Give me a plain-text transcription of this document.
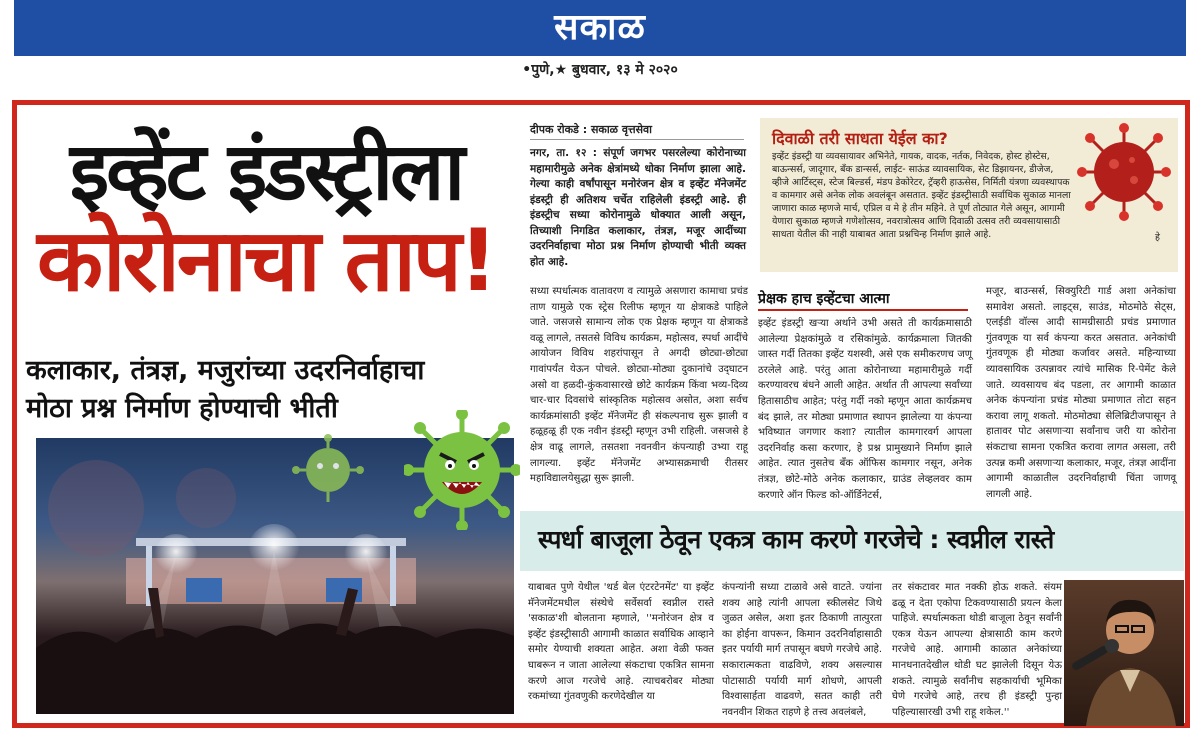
सकाळ
•पुणे,★ बुधवार, १३ मे २०२०
इव्हेंट इंडस्ट्रीला
कोरोनाचा ताप!
कलाकार, तंत्रज्ञ, मजुरांच्या उदरनिर्वाहाचा
मोठा प्रश्न निर्माण होण्याची भीती
दीपक रोकडे : सकाळ वृत्तसेवा
नगर, ता. १२ : संपूर्ण जगभर पसरलेल्या कोरोनाच्या महामारीमुळे अनेक क्षेत्रांमध्ये धोका निर्माण झाला आहे. गेल्या काही वर्षांपासून मनोरंजन क्षेत्र व इव्हेंट मॅनेजमेंट इंडस्ट्री ही अतिशय चर्चेत राहिलेली इंडस्ट्री आहे. ही इंडस्ट्रीच सध्या कोरोनामुळे धोक्यात आली असून, तिच्याशी निगडित कलाकार, तंत्रज्ञ, मजूर आदींच्या उदरनिर्वाहाचा मोठा प्रश्न निर्माण होण्याची भीती व्यक्त होत आहे.
सध्या स्पर्धात्मक वातावरण व त्यामुळे असणारा कामाचा प्रचंड ताण यामुळे एक स्ट्रेस रिलीफ म्हणून या क्षेत्राकडे पाहिले जाते. जसजसे सामान्य लोक एक प्रेक्षक म्हणून या क्षेत्राकडे वळू लागले, तसतसे विविध कार्यक्रम, महोत्सव, स्पर्धा आदींचे आयोजन विविध शहरांपासून ते अगदी छोट्या-छोट्या गावांपर्यंत येऊन पोचले. छोट्या-मोठ्या दुकानांचे उद्‌घाटन असो वा हळदी-कुंकवासारखे छोटे कार्यक्रम किंवा भव्य-दिव्य चार-चार दिवसांचे सांस्कृतिक महोत्सव असोत, अशा सर्वच कार्यक्रमांसाठी इव्हेंट मॅनेजमेंट ही संकल्पनाच सुरू झाली व हळूहळू ही एक नवीन इंडस्ट्री म्हणून उभी राहिली. जसजसे हे क्षेत्र वाढू लागले, तसतशा नवनवीन कंपन्याही उभ्या राहू लागल्या. इव्हेंट मॅनेजमेंट अभ्यासक्रमाची रीतसर महाविद्यालयेसुद्धा सुरू झाली.
प्रेक्षक हाच इव्हेंटचा आत्मा
इव्हेंट इंडस्ट्री खऱ्या अर्थाने उभी असते ती कार्यक्रमासाठी आलेल्या प्रेक्षकांमुळे व रसिकांमुळे. कार्यक्रमाला जितकी जास्त गर्दी तितका इव्हेंट यशस्वी, असे एक समीकरणच जणू ठरलेले आहे. परंतु आता कोरोनाच्या महामारीमुळे गर्दी करण्यावरच बंधने आली आहेत. अर्थात ती आपल्या सर्वांच्या हितासाठीच आहेत; परंतु गर्दी नको म्हणून आता कार्यक्रमच बंद झाले, तर मोठ्या प्रमाणात स्थापन झालेल्या या कंपन्या भविष्यात जगणार कशा? त्यातील कामगारवर्ग आपला उदरनिर्वाह कसा करणार, हे प्रश्न प्रामुख्याने निर्माण झाले आहेत. त्यात नुसतेच बॅंक ऑफिस कामगार नसून, अनेक तंत्रज्ञ, छोटे-मोठे अनेक कलाकार, ग्राउंड लेव्हलवर काम करणारे ऑन फिल्ड को-ऑर्डिनेटर्स,
मजूर, बाउन्सर्स, सिक्युरिटी गार्ड अशा अनेकांचा समावेश असतो. लाइट्स, साउंड, मोठमोठे सेट्स, एलईडी वॉल्स आदी सामग्रीसाठी प्रचंड प्रमाणात गुंतवणूक या सर्व कंपन्या करत असतात. अनेकांची गुंतवणूक ही मोठ्या कर्जावर असते. महिन्याच्या व्यावसायिक उत्पन्नावर त्यांचे मासिक रि-पेमेंट केले जाते. व्यवसायच बंद पडला, तर आगामी काळात अनेक कंपन्यांना प्रचंड मोठ्या प्रमाणात तोटा सहन करावा लागू शकतो. मोठमोठ्या सेलिब्रिटीजपासून ते हातावर पोट असणाऱ्या सर्वांनाच जरी या कोरोना संकटाचा सामना एकत्रित करावा लागत असला, तरी उत्पन्न कमी असणाऱ्या कलाकार, मजूर, तंत्रज्ञ आदींना आगामी काळातील उदरनिर्वाहाची चिंता जाणवू लागली आहे.
दिवाळी तरी साधता येईल का?
इव्हेंट इंडस्ट्री या व्यवसायावर अभिनेते, गायक, वादक, नर्तक, निवेदक, होस्ट होस्टेस, बाऊन्सर्स, जादूगार, बॅंक डान्सर्स, लाईट- साऊंड व्यावसायिक, सेट डिझायनर, डीजेज, व्हीजे आर्टिस्ट्स, स्टेज बिल्डर्स, मंडप डेकोरेटर, ट्रॅव्हरी हाऊसेस, निर्मिती यंत्रणा व्यवस्थापक व कामगार असे अनेक लोक अवलंबून असतात. इव्हेंट इंडस्ट्रीसाठी सर्वाधिक सुकाळ मानला जाणारा काळ म्हणजे मार्च, एप्रिल व मे हे तीन महिने. ते पूर्ण तोट्यात गेले असून, आगामी येणारा सुकाळ म्हणजे गणेशोत्सव, नवरात्रोत्सव आणि दिवाळी उत्सव तरी व्यवसायासाठी साधता येतील की नाही याबाबत आता प्रश्नचिन्ह निर्माण झाले आहे.	हे
स्पर्धा बाजूला ठेवून एकत्र काम करणे गरजेचे : स्वप्नील रास्ते
याबाबत पुणे येथील 'थर्ड बेल एंटरटेनमेंट' या इव्हेंट मॅनेजमेंटमधील संस्थेचे सर्वेसर्वा स्वप्नील रास्ते 'सकाळ'शी बोलताना म्हणाले, ''मनोरंजन क्षेत्र व इव्हेंट इंडस्ट्रीसाठी आगामी काळात सर्वाधिक आव्हाने समोर येण्याची शक्यता आहेत. अशा वेळी फक्त घाबरून न जाता आलेल्या संकटाचा एकत्रित सामना करणे आज गरजेचे आहे. त्याचबरोबर मोठ्या रकमांच्या गुंतवणुकी करणेदेखील या
कंपन्यांनी सध्या टाळावे असे वाटते. ज्यांना शक्य आहे त्यांनी आपला स्कीलसेट जिथे जुळत असेल, अशा इतर ठिकाणी तात्पुरता का होईना वापरून, किमान उदरनिर्वाहासाठी इतर पर्यायी मार्ग तपासून बघणे गरजेचे आहे. सकारात्मकता वाढविणे, शक्य असल्यास पोटासाठी पर्यायी मार्ग शोधणे, आपली विश्वासार्हता वाढवणे, सतत काही तरी नवनवीन शिकत राहणे हे तत्त्व अवलंबले,
तर संकटावर मात नक्की होऊ शकते. संयम ढळू न देता एकोपा टिकवण्यासाठी प्रयत्न केला पाहिजे. स्पर्धात्मकता थोडी बाजूला ठेवून सर्वांनी एकत्र येऊन आपल्या क्षेत्रासाठी काम करणे गरजेचे आहे. आगामी काळात अनेकांच्या मानधनातदेखील थोडी घट झालेली दिसून येऊ शकते. त्यामुळे सर्वांनीच सहकार्याची भूमिका घेणे गरजेचे आहे, तरच ही इंडस्ट्री पुन्हा पहिल्यासारखी उभी राहू शकेल.''
